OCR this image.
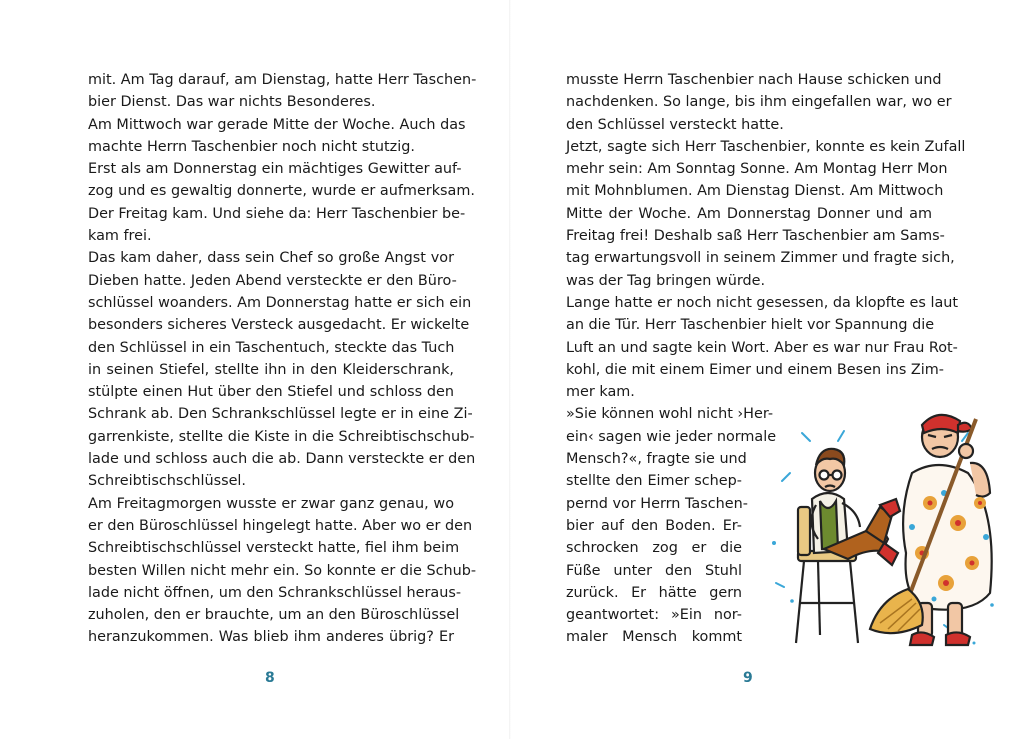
mit. Am Tag darauf, am Dienstag, hatte Herr Taschen-
bier Dienst. Das war nichts Besonderes.
Am Mittwoch war gerade Mitte der Woche. Auch das
machte Herrn Taschenbier noch nicht stutzig.
Erst als am Donnerstag ein mächtiges Gewitter auf-
zog und es gewaltig donnerte, wurde er aufmerksam.
Der Freitag kam. Und siehe da: Herr Taschenbier be-
kam frei.
Das kam daher, dass sein Chef so große Angst vor
Dieben hatte. Jeden Abend versteckte er den Büro-
schlüssel woanders. Am Donnerstag hatte er sich ein
besonders sicheres Versteck ausgedacht. Er wickelte
den Schlüssel in ein Taschentuch, steckte das Tuch
in seinen Stiefel, stellte ihn in den Kleiderschrank,
stülpte einen Hut über den Stiefel und schloss den
Schrank ab. Den Schrankschlüssel legte er in eine Zi-
garrenkiste, stellte die Kiste in die Schreibtischschub-
lade und schloss auch die ab. Dann versteckte er den
Schreibtischschlüssel.
Am Freitagmorgen wusste er zwar ganz genau, wo
er den Büroschlüssel hingelegt hatte. Aber wo er den
Schreibtischschlüssel versteckt hatte, fiel ihm beim
besten Willen nicht mehr ein. So konnte er die Schub-
lade nicht öffnen, um den Schrankschlüssel heraus-
zuholen, den er brauchte, um an den Büroschlüssel
heranzukommen. Was blieb ihm anderes übrig? Er
8
musste Herrn Taschenbier nach Hause schicken und
nachdenken. So lange, bis ihm eingefallen war, wo er
den Schlüssel versteckt hatte.
Jetzt, sagte sich Herr Taschenbier, konnte es kein Zufall
mehr sein: Am Sonntag Sonne. Am Montag Herr Mon
mit Mohnblumen. Am Dienstag Dienst. Am Mittwoch
Mitte der Woche. Am Donnerstag Donner und am
Freitag frei! Deshalb saß Herr Taschenbier am Sams-
tag erwartungsvoll in seinem Zimmer und fragte sich,
was der Tag bringen würde.
Lange hatte er noch nicht gesessen, da klopfte es laut
an die Tür. Herr Taschenbier hielt vor Spannung die
Luft an und sagte kein Wort. Aber es war nur Frau Rot-
kohl, die mit einem Eimer und einem Besen ins Zim-
mer kam.
»Sie können wohl nicht ›Her-
ein‹ sagen wie jeder normale
Mensch?«, fragte sie und
stellte den Eimer schep-
pernd vor Herrn Taschen-
bier auf den Boden. Er-
schrocken zog er die
Füße unter den Stuhl
zurück. Er hätte gern
geantwortet: »Ein nor-
maler Mensch kommt
9
